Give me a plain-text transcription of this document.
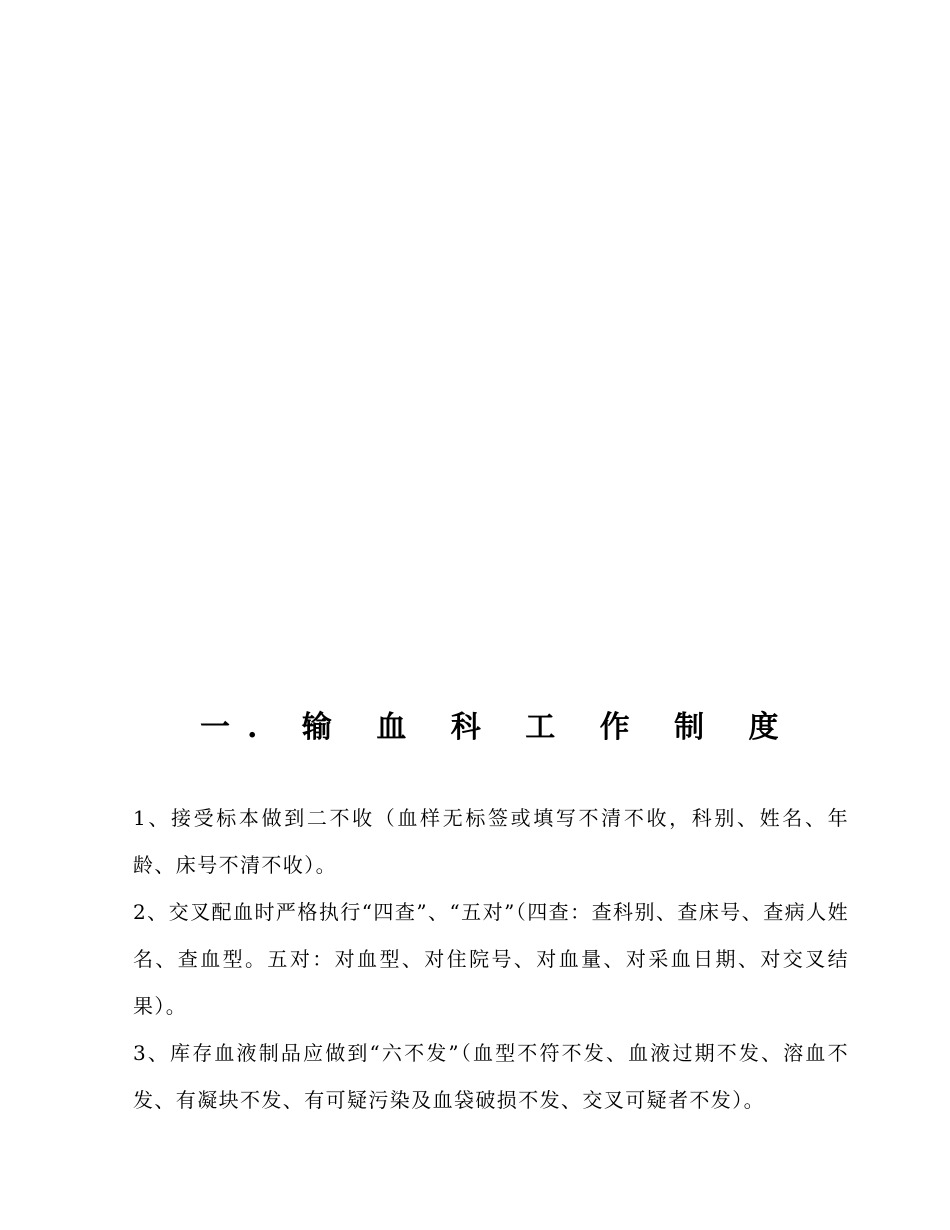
一. 输 血 科 工 作 制 度

1、接受标本做到二不收（血样无标签或填写不清不收，科别、姓名、年龄、床号不清不收）。

2、交叉配血时严格执行“四查”、“五对”（四查：查科别、查床号、查病人姓名、查血型。五对：对血型、对住院号、对血量、对采血日期、对交叉结果）。

3、库存血液制品应做到“六不发”（血型不符不发、血液过期不发、溶血不发、有凝块不发、有可疑污染及血袋破损不发、交叉可疑者不发）。
